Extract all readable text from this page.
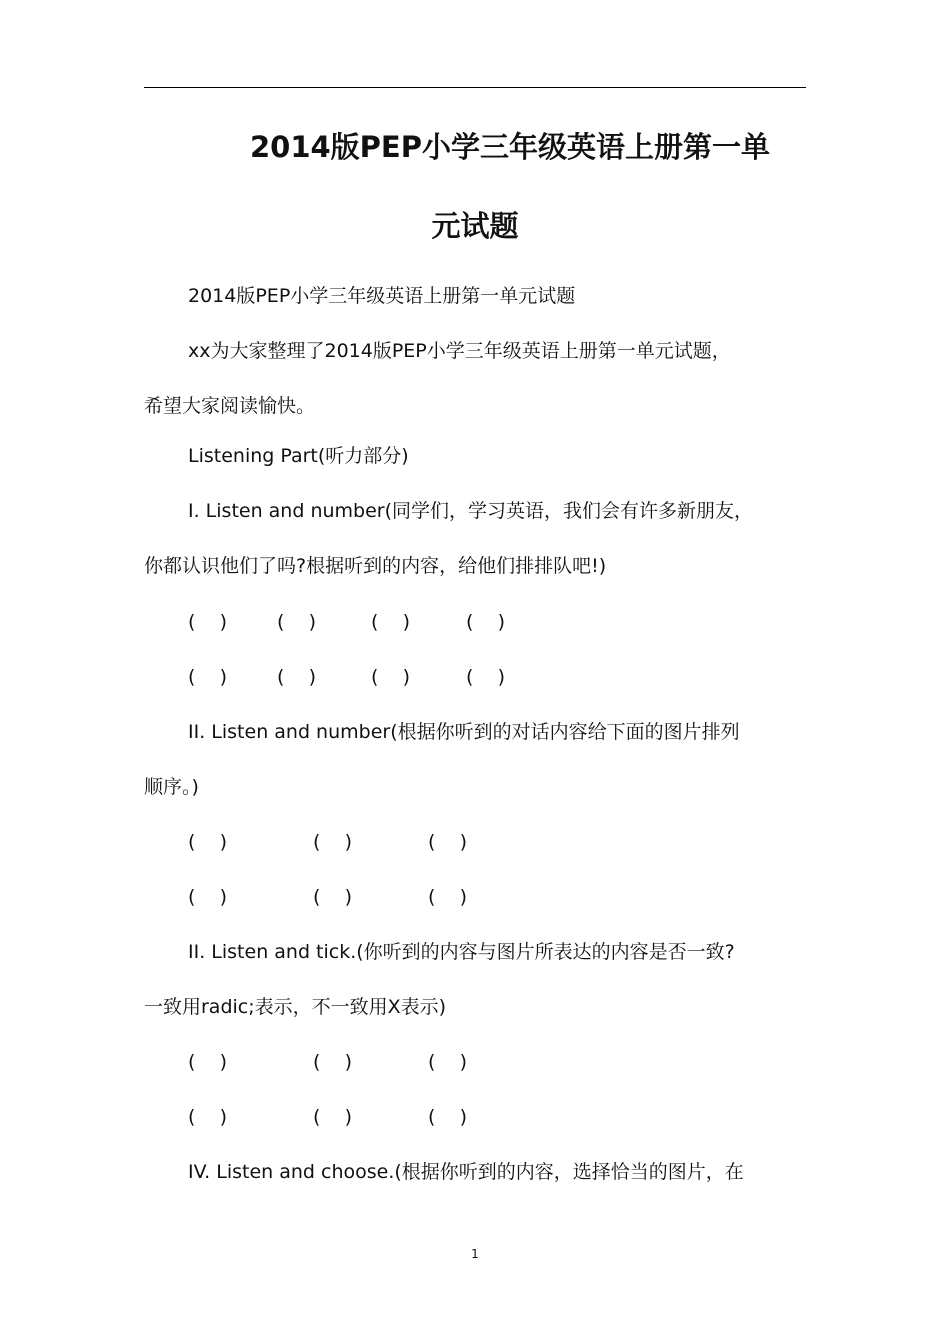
2014版PEP小学三年级英语上册第一单
元试题
2014版PEP小学三年级英语上册第一单元试题
xx为大家整理了2014版PEP小学三年级英语上册第一单元试题，
希望大家阅读愉快。
Listening Part(听力部分)
I. Listen and number(同学们，学习英语，我们会有许多新朋友，
你都认识他们了吗?根据听到的内容，给他们排排队吧!)
(    )	(    )	(    )	(    )
(    )	(    )	(    )	(    )
II. Listen and number(根据你听到的对话内容给下面的图片排列
顺序。)
(    )	(    )	(    )
(    )	(    )	(    )
II. Listen and tick.(你听到的内容与图片所表达的内容是否一致?
一致用radic;表示，不一致用X表示)
(    )	(    )	(    )
(    )	(    )	(    )
IV. Listen and choose.(根据你听到的内容，选择恰当的图片，在
1
